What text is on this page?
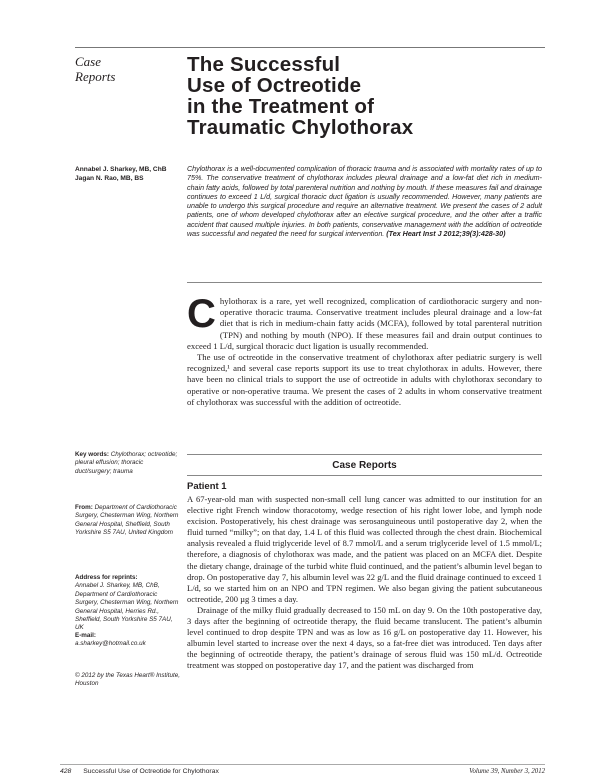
Case
Reports
The Successful
Use of Octreotide
in the Treatment of
Traumatic Chylothorax
Annabel J. Sharkey, MB, ChB
Jagan N. Rao, MB, BS
Chylothorax is a well-documented complication of thoracic trauma and is associated with mortality rates of up to 75%. The conservative treatment of chylothorax includes pleural drainage and a low-fat diet rich in medium-chain fatty acids, followed by total parenteral nutrition and nothing by mouth. If these measures fail and drainage continues to exceed 1 L/d, surgical thoracic duct ligation is usually recommended. However, many patients are unable to undergo this surgical procedure and require an alternative treatment. We present the cases of 2 adult patients, one of whom developed chylothorax after an elective surgical procedure, and the other after a traffic accident that caused multiple injuries. In both patients, conservative management with the addition of octreotide was successful and negated the need for surgical intervention. (Tex Heart Inst J 2012;39(3):428-30)

Chylothorax is a rare, yet well recognized, complication of cardiothoracic surgery and non-operative thoracic trauma. Conservative treatment includes pleural drainage and a low-fat diet that is rich in medium-chain fatty acids (MCFA), followed by total parenteral nutrition (TPN) and nothing by mouth (NPO). If these measures fail and drain output continues to exceed 1 L/d, surgical thoracic duct ligation is usually recommended.

The use of octreotide in the conservative treatment of chylothorax after pediatric surgery is well recognized,¹ and several case reports support its use to treat chylothorax in adults. However, there have been no clinical trials to support the use of octreotide in adults with chylothorax secondary to operative or non-operative trauma. We present the cases of 2 adults in whom conservative treatment of chylothorax was successful with the addition of octreotide.

Case Reports
Patient 1

A 67-year-old man with suspected non-small cell lung cancer was admitted to our institution for an elective right French window thoracotomy, wedge resection of his right lower lobe, and lymph node excision. Postoperatively, his chest drainage was serosanguineous until postoperative day 2, when the fluid turned “milky”; on that day, 1.4 L of this fluid was collected through the chest drain. Biochemical analysis revealed a fluid triglyceride level of 8.7 mmol/L and a serum triglyceride level of 1.5 mmol/L; therefore, a diagnosis of chylothorax was made, and the patient was placed on an MCFA diet. Despite the dietary change, drainage of the turbid white fluid continued, and the patient’s albumin level began to drop. On postoperative day 7, his albumin level was 22 g/L and the fluid drainage continued to exceed 1 L/d, so we started him on an NPO and TPN regimen. We also began giving the patient subcutaneous octreotide, 200 µg 3 times a day.

Drainage of the milky fluid gradually decreased to 150 mL on day 9. On the 10th postoperative day, 3 days after the beginning of octreotide therapy, the fluid became translucent. The patient’s albumin level continued to drop despite TPN and was as low as 16 g/L on postoperative day 11. However, his albumin level started to increase over the next 4 days, so a fat-free diet was introduced. Ten days after the beginning of octreotide therapy, the patient’s drainage of serous fluid was 150 mL/d. Octreotide treatment was stopped on postoperative day 17, and the patient was discharged from

Key words: Chylothorax; octreotide; pleural effusion; thoracic duct/surgery; trauma
From: Department of Cardiothoracic Surgery, Chesterman Wing, Northern General Hospital, Sheffield, South Yorkshire S5 7AU, United Kingdom
Address for reprints:
Annabel J. Sharkey, MB, ChB, Department of Cardiothoracic Surgery, Chesterman Wing, Northern General Hospital, Herries Rd., Sheffield, South Yorkshire S5 7AU, UK
E-mail:
a.sharkey@hotmail.co.uk
© 2012 by the Texas Heart® Institute, Houston
428 Successful Use of Octreotide for Chylothorax	Volume 39, Number 3, 2012
